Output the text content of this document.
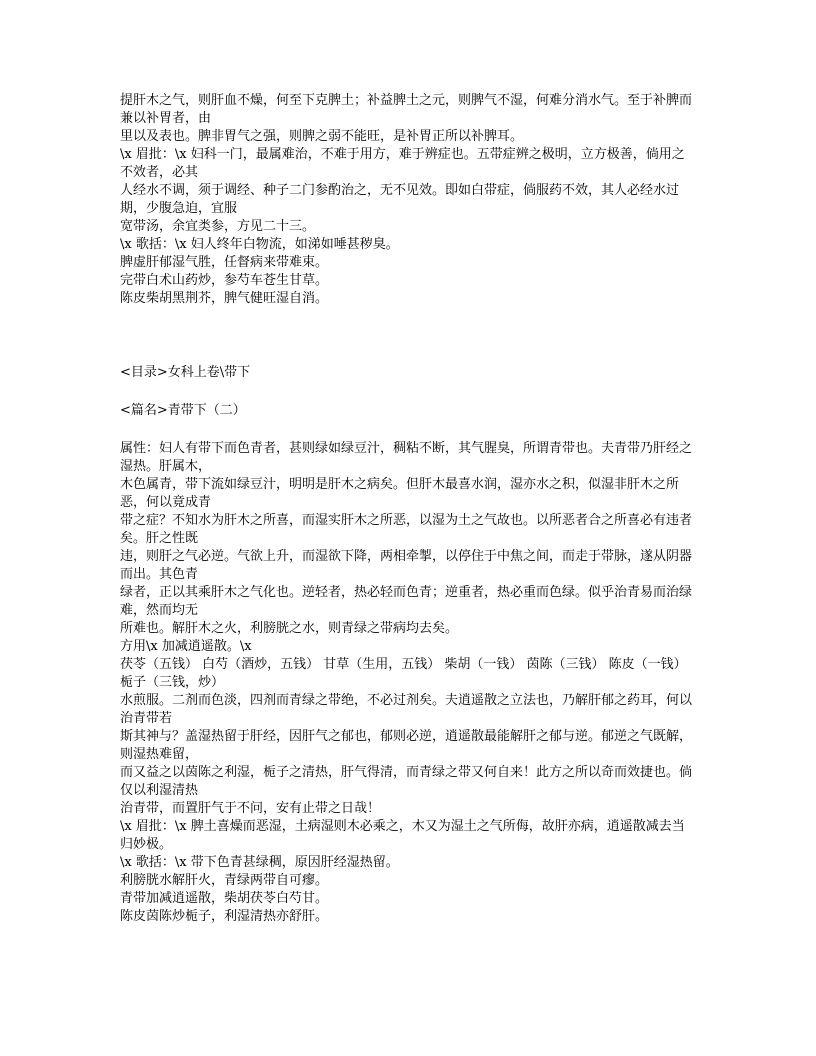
提肝木之气，则肝血不燥，何至下克脾土；补益脾土之元，则脾气不湿，何难分消水气。至于补脾而兼以补胃者，由

里以及表也。脾非胃气之强，则脾之弱不能旺，是补胃正所以补脾耳。

\x 眉批：\x 妇科一门，最属难治，不难于用方，难于辨症也。五带症辨之极明，立方极善，倘用之不效者，必其

人经水不调，须于调经、种子二门参酌治之，无不见效。即如白带症，倘服药不效，其人必经水过期，少腹急迫，宜服

宽带汤，余宜类参，方见二十三。

\x 歌括：\x 妇人终年白物流，如涕如唾甚秽臭。

脾虚肝郁湿气胜，任督病来带难束。

完带白术山药炒，参芍车苍生甘草。

陈皮柴胡黑荆芥，脾气健旺湿自消。

<目录>女科上卷\带下

<篇名>青带下（二）

属性：妇人有带下而色青者，甚则绿如绿豆汁，稠粘不断，其气腥臭，所谓青带也。夫青带乃肝经之湿热。肝属木，

木色属青，带下流如绿豆汁，明明是肝木之病矣。但肝木最喜水润，湿亦水之积，似湿非肝木之所恶，何以竟成青

带之症？不知水为肝木之所喜，而湿实肝木之所恶，以湿为土之气故也。以所恶者合之所喜必有违者矣。肝之性既

违，则肝之气必逆。气欲上升，而湿欲下降，两相牵掣，以停住于中焦之间，而走于带脉，遂从阴器而出。其色青

绿者，正以其乘肝木之气化也。逆轻者，热必轻而色青；逆重者，热必重而色绿。似乎治青易而治绿难，然而均无

所难也。解肝木之火，利膀胱之水，则青绿之带病均去矣。

方用\x 加减逍遥散。\x

茯苓（五钱） 白芍（酒炒，五钱） 甘草（生用，五钱） 柴胡（一钱） 茵陈（三钱） 陈皮（一钱）

栀子（三钱，炒）

水煎服。二剂而色淡，四剂而青绿之带绝，不必过剂矣。夫逍遥散之立法也，乃解肝郁之药耳，何以治青带若

斯其神与？盖湿热留于肝经，因肝气之郁也，郁则必逆，逍遥散最能解肝之郁与逆。郁逆之气既解，则湿热难留，

而又益之以茵陈之利湿，栀子之清热，肝气得清，而青绿之带又何自来！此方之所以奇而效捷也。倘仅以利湿清热

治青带，而置肝气于不问，安有止带之日哉！

\x 眉批：\x 脾土喜燥而恶湿，土病湿则木必乘之，木又为湿土之气所侮，故肝亦病，逍遥散减去当归妙极。

\x 歌括：\x 带下色青甚绿稠，原因肝经湿热留。

利膀胱水解肝火，青绿两带自可瘳。

青带加减逍遥散，柴胡茯苓白芍甘。

陈皮茵陈炒栀子，利湿清热亦舒肝。
